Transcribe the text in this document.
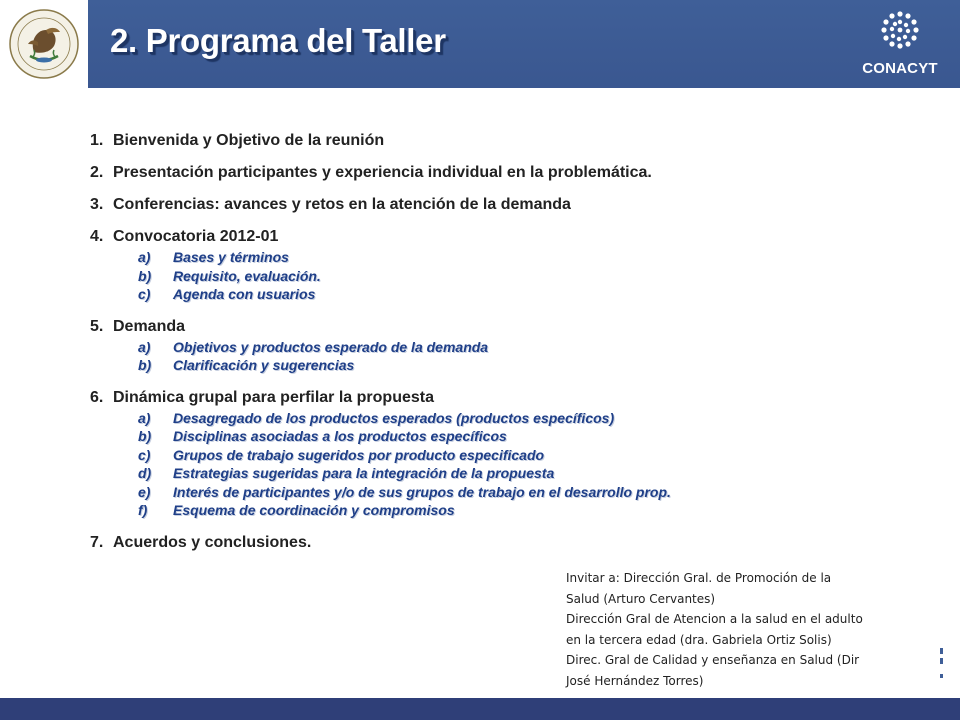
2. Programa del Taller
CONACYT
1. Bienvenida y Objetivo de la reunión
2. Presentación participantes y experiencia individual en la problemática.
3. Conferencias: avances y retos en la atención de la demanda
4. Convocatoria 2012-01
a)	Bases y términos
b)	Requisito, evaluación.
c)	Agenda con usuarios
5. Demanda
a)	Objetivos y productos esperado de la demanda
b)	Clarificación y sugerencias
6. Dinámica grupal para perfilar la propuesta
a)	Desagregado de los productos esperados (productos específicos)
b)	Disciplinas asociadas a los productos específicos
c)	Grupos de trabajo sugeridos por producto especificado
d)	Estrategias sugeridas para la integración de la propuesta
e)	Interés de participantes y/o de sus grupos de trabajo en el desarrollo prop.
f)	Esquema de coordinación y compromisos
7. Acuerdos y conclusiones.
Invitar a: Dirección Gral. de Promoción de la
Salud (Arturo Cervantes)
Dirección Gral de Atencion a la salud en el adulto
en la tercera edad (dra. Gabriela Ortiz Solis)
Direc. Gral de Calidad y enseñanza en Salud (Dir
José Hernández Torres)
